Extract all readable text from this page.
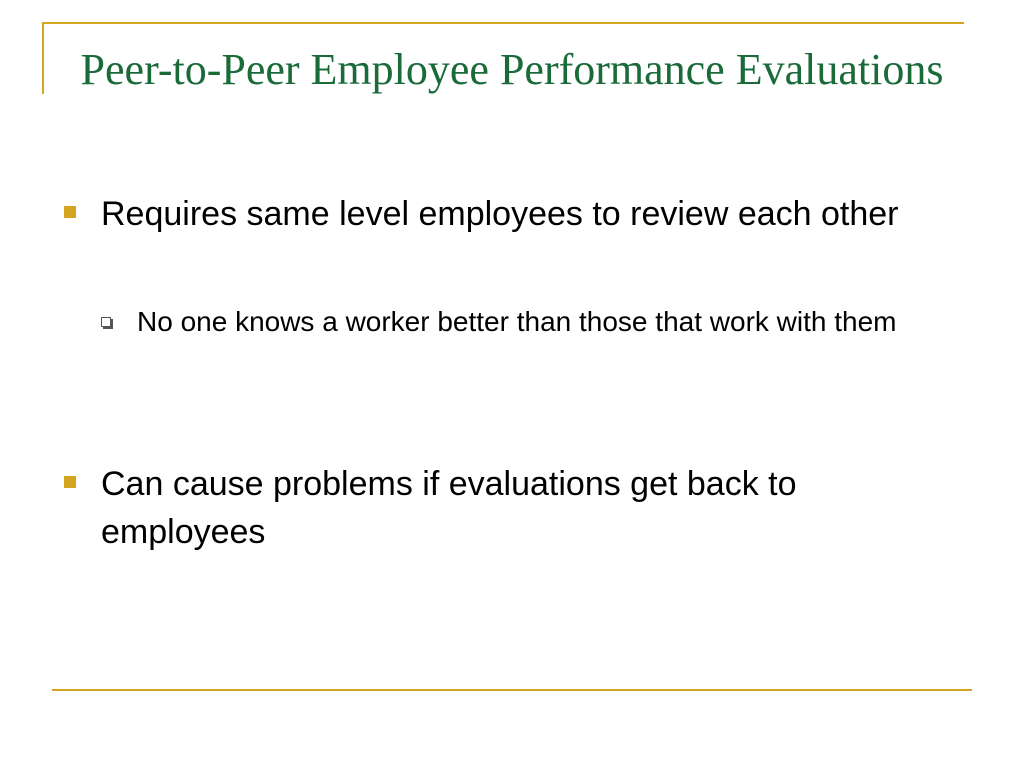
Peer-to-Peer Employee Performance Evaluations
Requires same level employees to review each other
No one knows a worker better than those that work with them
Can cause problems if evaluations get back to employees
